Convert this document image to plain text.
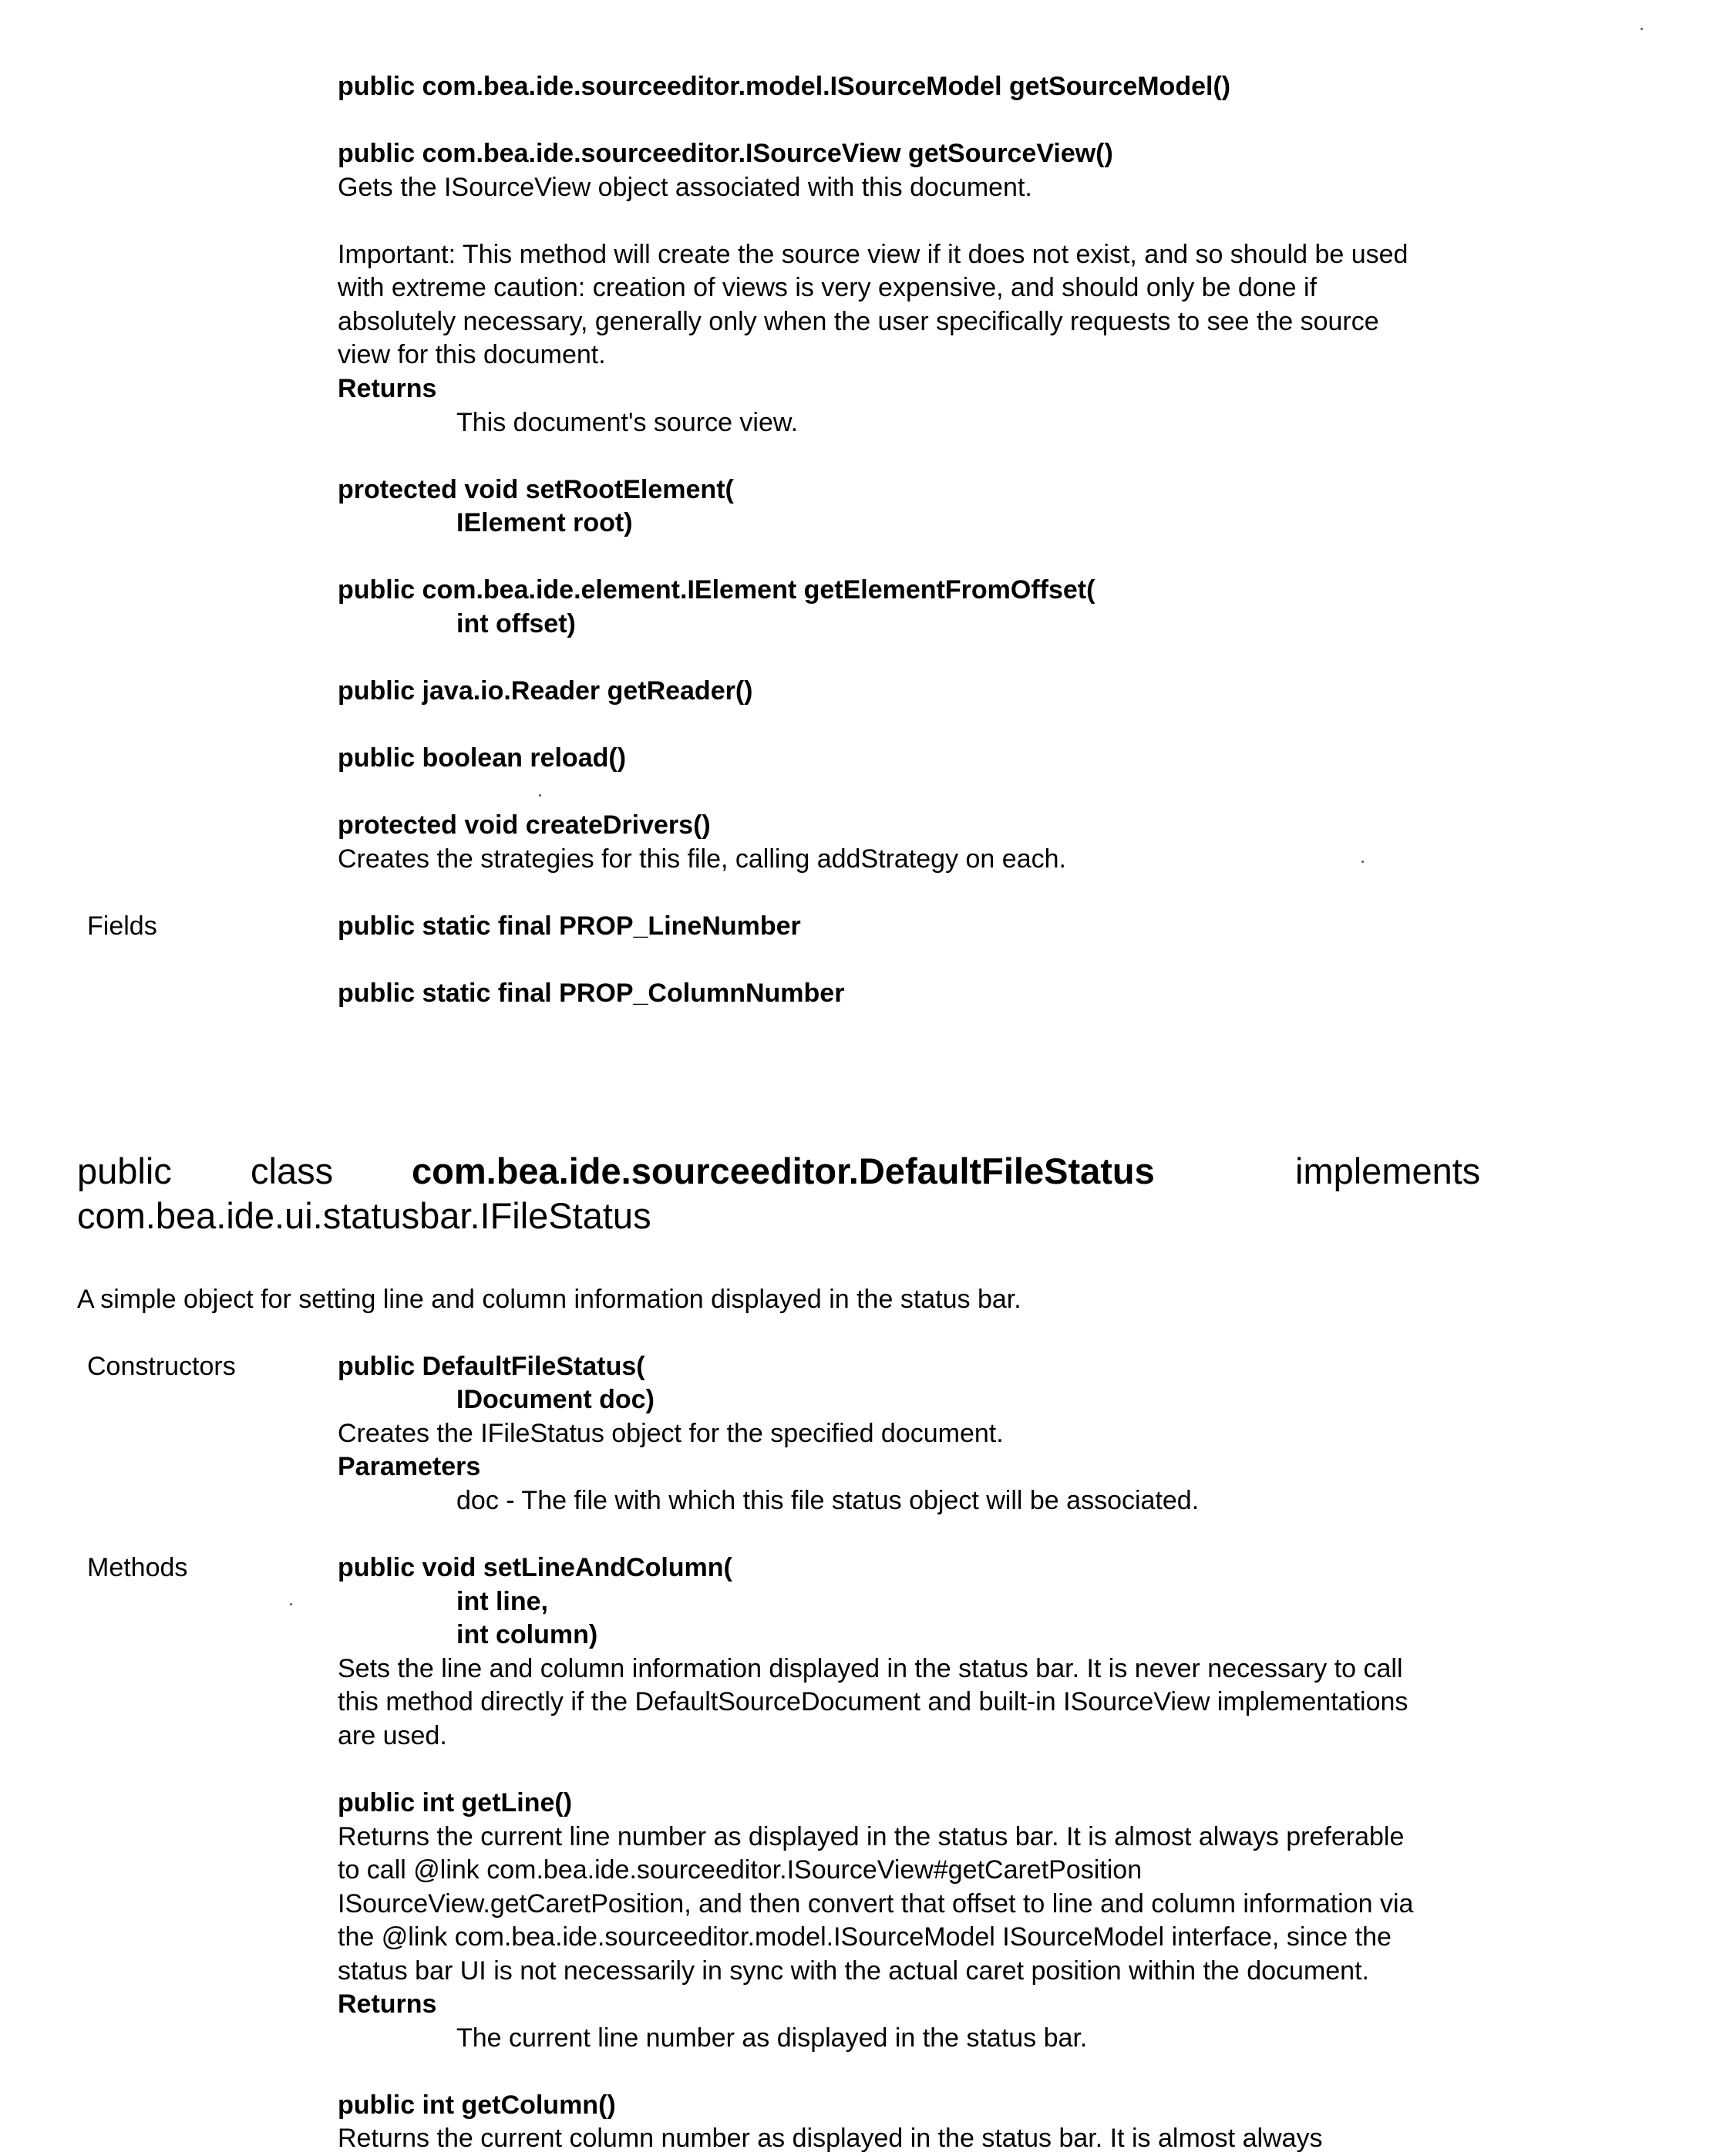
public com.bea.ide.sourceeditor.model.ISourceModel getSourceModel()
public com.bea.ide.sourceeditor.ISourceView getSourceView()
Gets the ISourceView object associated with this document.
Important: This method will create the source view if it does not exist, and so should be used
with extreme caution: creation of views is very expensive, and should only be done if
absolutely necessary, generally only when the user specifically requests to see the source
view for this document.
Returns
This document's source view.
protected void setRootElement(
IElement root)
public com.bea.ide.element.IElement getElementFromOffset(
int offset)
public java.io.Reader getReader()
public boolean reload()
protected void createDrivers()
Creates the strategies for this file, calling addStrategy on each.
Fields	public static final PROP_LineNumber
public static final PROP_ColumnNumber
public class com.bea.ide.sourceeditor.DefaultFileStatus	implements
com.bea.ide.ui.statusbar.IFileStatus
A simple object for setting line and column information displayed in the status bar.
Constructors	public DefaultFileStatus(
IDocument doc)
Creates the IFileStatus object for the specified document.
Parameters
doc - The file with which this file status object will be associated.
Methods	public void setLineAndColumn(
int line,
int column)
Sets the line and column information displayed in the status bar. It is never necessary to call
this method directly if the DefaultSourceDocument and built-in ISourceView implementations
are used.
public int getLine()
Returns the current line number as displayed in the status bar. It is almost always preferable
to call @link com.bea.ide.sourceeditor.ISourceView#getCaretPosition
ISourceView.getCaretPosition, and then convert that offset to line and column information via
the @link com.bea.ide.sourceeditor.model.ISourceModel ISourceModel interface, since the
status bar UI is not necessarily in sync with the actual caret position within the document.
Returns
The current line number as displayed in the status bar.
public int getColumn()
Returns the current column number as displayed in the status bar. It is almost always
